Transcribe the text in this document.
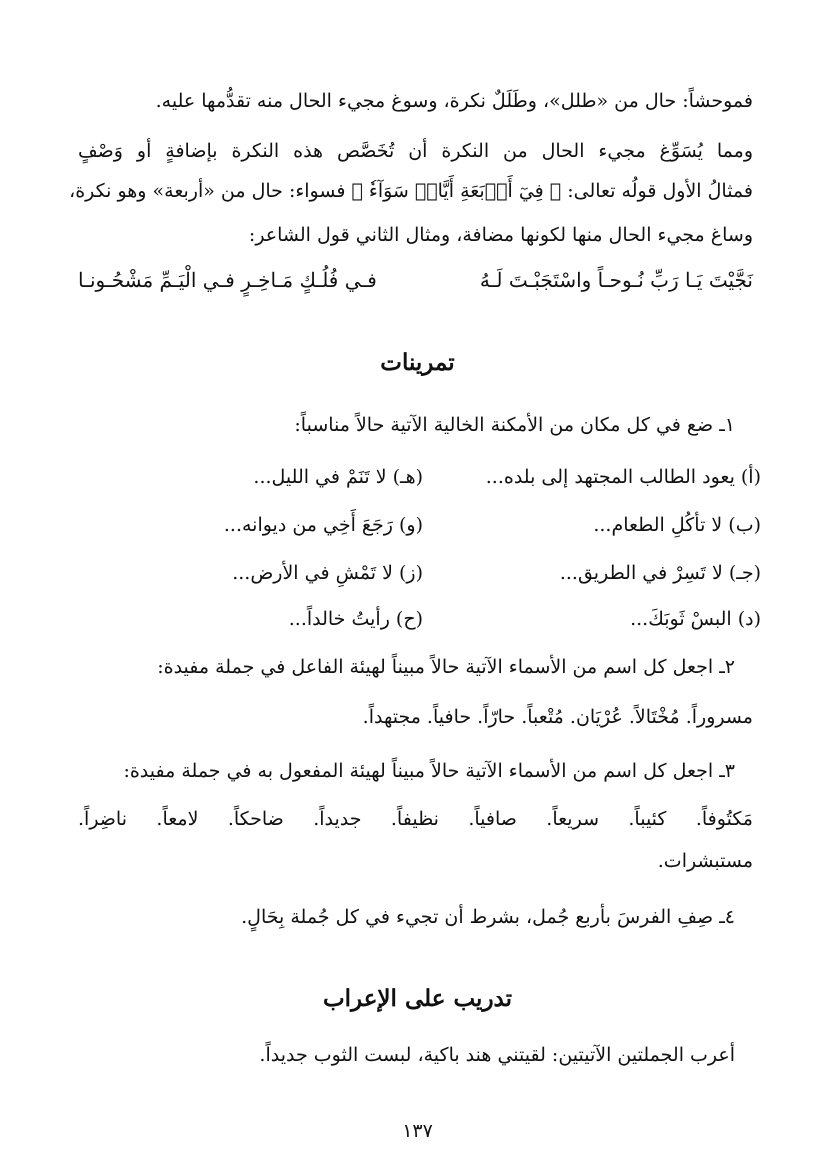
فموحشاً: حال من «طلل»، وطَلَلٌ نكرة، وسوغ مجيء الحال منه تقدُّمها عليه.
ومما يُسَوِّغ مجيء الحال من النكرة أن تُخَصَّص هذه النكرة بإضافةٍ أو وَصْفٍ
فمثالُ الأول قولُه تعالى: ﴿ فِيٓ أَرۡبَعَةِ أَيَّامٖ سَوَآءٗ ﴾ فسواء: حال من «أربعة» وهو نكرة،
وساغ مجيء الحال منها لكونها مضافة، ومثال الثاني قول الشاعر:
نَجَّيْتَ يَـا رَبِّ نُـوحـاً واسْتَجَبْـتَ لَـهُ
فـي فُلُـكٍ مَـاخِـرٍ فـي الْيَـمِّ مَشْحُـونـا
تمرينات
١ـ ضع في كل مكان من الأمكنة الخالية الآتية حالاً مناسباً:
(أ) يعود الطالب المجتهد إلى بلده...
(هـ) لا تَنَمْ في الليل...
(ب) لا تأكُلِ الطعام...
(و) رَجَعَ أَخِي من ديوانه...
(جـ) لا تَسِرْ في الطريق...
(ز) لا تَمْشِ في الأرض...
(د) البسْ ثَوبَكَ...
(ح) رأيتُ خالداً...
٢ـ اجعل كل اسم من الأسماء الآتية حالاً مبيناً لهيئة الفاعل في جملة مفيدة:
مسروراً. مُخْتَالاً. عُرْيَان. مُتْعباً. حارّاً. حافياً. مجتهداً.
٣ـ اجعل كل اسم من الأسماء الآتية حالاً مبيناً لهيئة المفعول به في جملة مفيدة:
مَكتُوفاً. كئيباً. سريعاً. صافياً. نظيفاً. جديداً. ضاحكاً. لامعاً. ناضِراً.
مستبشرات.
٤ـ صِفِ الفرسَ بأربع جُمل، بشرط أن تجيء في كل جُملة بِحَالٍ.
تدريب على الإعراب
أعرب الجملتين الآتيتين: لقيتني هند باكية، لبست الثوب جديداً.
١٣٧
